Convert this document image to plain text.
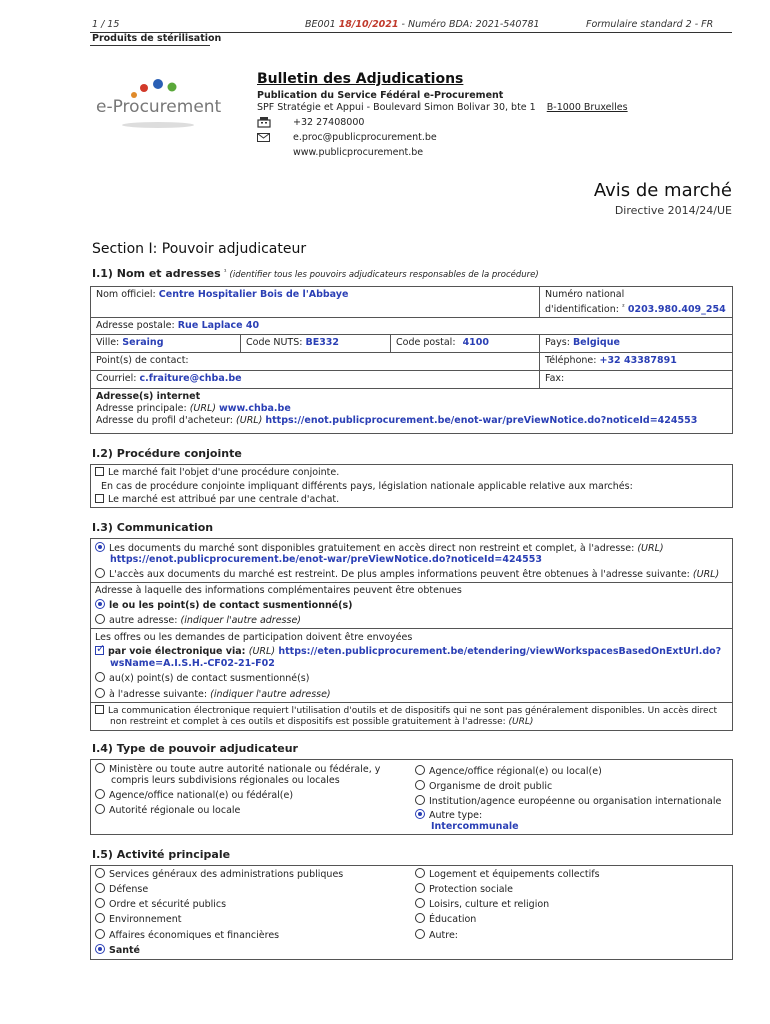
1 / 15	BE001 18/10/2021 - Numéro BDA: 2021-540781	Formulaire standard 2 - FR
Produits de stérilisation
e-Procurement
Bulletin des Adjudications
Publication du Service Fédéral e-Procurement
SPF Stratégie et Appui - Boulevard Simon Bolivar 30, bte 1 B-1000 Bruxelles
+32 27408000
e.proc@publicprocurement.be
www.publicprocurement.be
Avis de marché
Directive 2014/24/UE
Section I: Pouvoir adjudicateur
I.1) Nom et adresses $^{^1}$ (identifier tous les pouvoirs adjudicateurs responsables de la procédure)
Nom officiel: Centre Hospitalier Bois de l'Abbaye	Numéro national
d'identification: $^{^2}$ 0203.980.409_254
Adresse postale: Rue Laplace 40
Ville: Seraing	Code NUTS: BE332	Code postal: 4100	Pays: Belgique
Point(s) de contact:	Téléphone: +32 43387891
Courriel: c.fraiture@chba.be	Fax:
Adresse(s) internet
Adresse principale: (URL) www.chba.be
Adresse du profil d'acheteur: (URL) https://enot.publicprocurement.be/enot-war/preViewNotice.do?noticeId=424553
I.2) Procédure conjointe
Le marché fait l'objet d'une procédure conjointe.
En cas de procédure conjointe impliquant différents pays, législation nationale applicable relative aux marchés:
Le marché est attribué par une centrale d'achat.
I.3) Communication
Les documents du marché sont disponibles gratuitement en accès direct non restreint et complet, à l'adresse: (URL)
https://enot.publicprocurement.be/enot-war/preViewNotice.do?noticeId=424553
L'accès aux documents du marché est restreint. De plus amples informations peuvent être obtenues à l'adresse suivante: (URL)
Adresse à laquelle des informations complémentaires peuvent être obtenues
le ou les point(s) de contact susmentionné(s)
autre adresse: (indiquer l'autre adresse)
Les offres ou les demandes de participation doivent être envoyées
✓par voie électronique via: (URL) https://eten.publicprocurement.be/etendering/viewWorkspacesBasedOnExtUrl.do?
wsName=A.I.S.H.-CF02-21-F02
au(x) point(s) de contact susmentionné(s)
à l'adresse suivante: (indiquer l'autre adresse)
La communication électronique requiert l'utilisation d'outils et de dispositifs qui ne sont pas généralement disponibles. Un accès direct
non restreint et complet à ces outils et dispositifs est possible gratuitement à l'adresse: (URL)
I.4) Type de pouvoir adjudicateur
Ministère ou toute autre autorité nationale ou fédérale, y
compris leurs subdivisions régionales ou locales
Agence/office national(e) ou fédéral(e)
Autorité régionale ou locale
Agence/office régional(e) ou local(e)
Organisme de droit public
Institution/agence européenne ou organisation internationale
Autre type:
Intercommunale
I.5) Activité principale
Services généraux des administrations publiques
Défense
Ordre et sécurité publics
Environnement
Affaires économiques et financières
Santé
Logement et équipements collectifs
Protection sociale
Loisirs, culture et religion
Éducation
Autre:
